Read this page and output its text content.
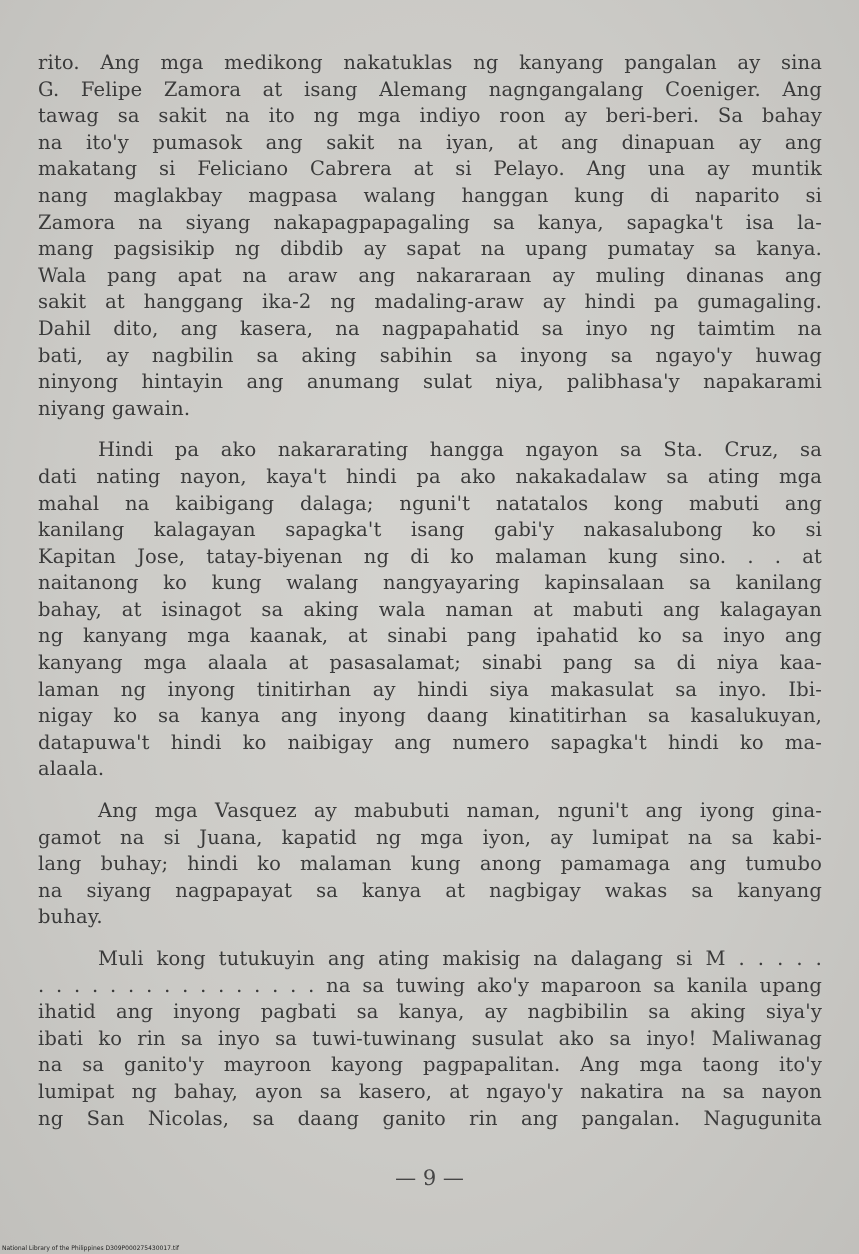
rito. Ang mga medikong nakatuklas ng kanyang pangalan ay sina
G. Felipe Zamora at isang Alemang nagngangalang Coeniger. Ang
tawag sa sakit na ito ng mga indiyo roon ay beri-beri. Sa bahay
na ito'y pumasok ang sakit na iyan, at ang dinapuan ay ang
makatang si Feliciano Cabrera at si Pelayo. Ang una ay muntik
nang maglakbay magpasa walang hanggan kung di naparito si
Zamora na siyang nakapagpapagaling sa kanya, sapagka't isa la-
mang pagsisikip ng dibdib ay sapat na upang pumatay sa kanya.
Wala pang apat na araw ang nakararaan ay muling dinanas ang
sakit at hanggang ika-2 ng madaling-araw ay hindi pa gumagaling.
Dahil dito, ang kasera, na nagpapahatid sa inyo ng taimtim na
bati, ay nagbilin sa aking sabihin sa inyong sa ngayo'y huwag
ninyong hintayin ang anumang sulat niya, palibhasa'y napakarami
niyang gawain.

Hindi pa ako nakararating hangga ngayon sa Sta. Cruz, sa
dati nating nayon, kaya't hindi pa ako nakakadalaw sa ating mga
mahal na kaibigang dalaga; nguni't natatalos kong mabuti ang
kanilang kalagayan sapagka't isang gabi'y nakasalubong ko si
Kapitan Jose, tatay-biyenan ng di ko malaman kung sino. . . at
naitanong ko kung walang nangyayaring kapinsalaan sa kanilang
bahay, at isinagot sa aking wala naman at mabuti ang kalagayan
ng kanyang mga kaanak, at sinabi pang ipahatid ko sa inyo ang
kanyang mga alaala at pasasalamat; sinabi pang sa di niya kaa-
laman ng inyong tinitirhan ay hindi siya makasulat sa inyo. Ibi-
nigay ko sa kanya ang inyong daang kinatitirhan sa kasalukuyan,
datapuwa't hindi ko naibigay ang numero sapagka't hindi ko ma-
alaala.

Ang mga Vasquez ay mabubuti naman, nguni't ang iyong gina-
gamot na si Juana, kapatid ng mga iyon, ay lumipat na sa kabi-
lang buhay; hindi ko malaman kung anong pamamaga ang tumubo
na siyang nagpapayat sa kanya at nagbigay wakas sa kanyang
buhay.

Muli kong tutukuyin ang ating makisig na dalagang si M . . . . .
. . . . . . . . . . . . . . . . na sa tuwing ako'y maparoon sa kanila upang
ihatid ang inyong pagbati sa kanya, ay nagbibilin sa aking siya'y
ibati ko rin sa inyo sa tuwi-tuwinang susulat ako sa inyo! Maliwanag
na sa ganito'y mayroon kayong pagpapalitan. Ang mga taong ito'y
lumipat ng bahay, ayon sa kasero, at ngayo'y nakatira na sa nayon
ng San Nicolas, sa daang ganito rin ang pangalan. Nagugunita

— 9 —
National Library of the Philippines D309P000275430017.tif
